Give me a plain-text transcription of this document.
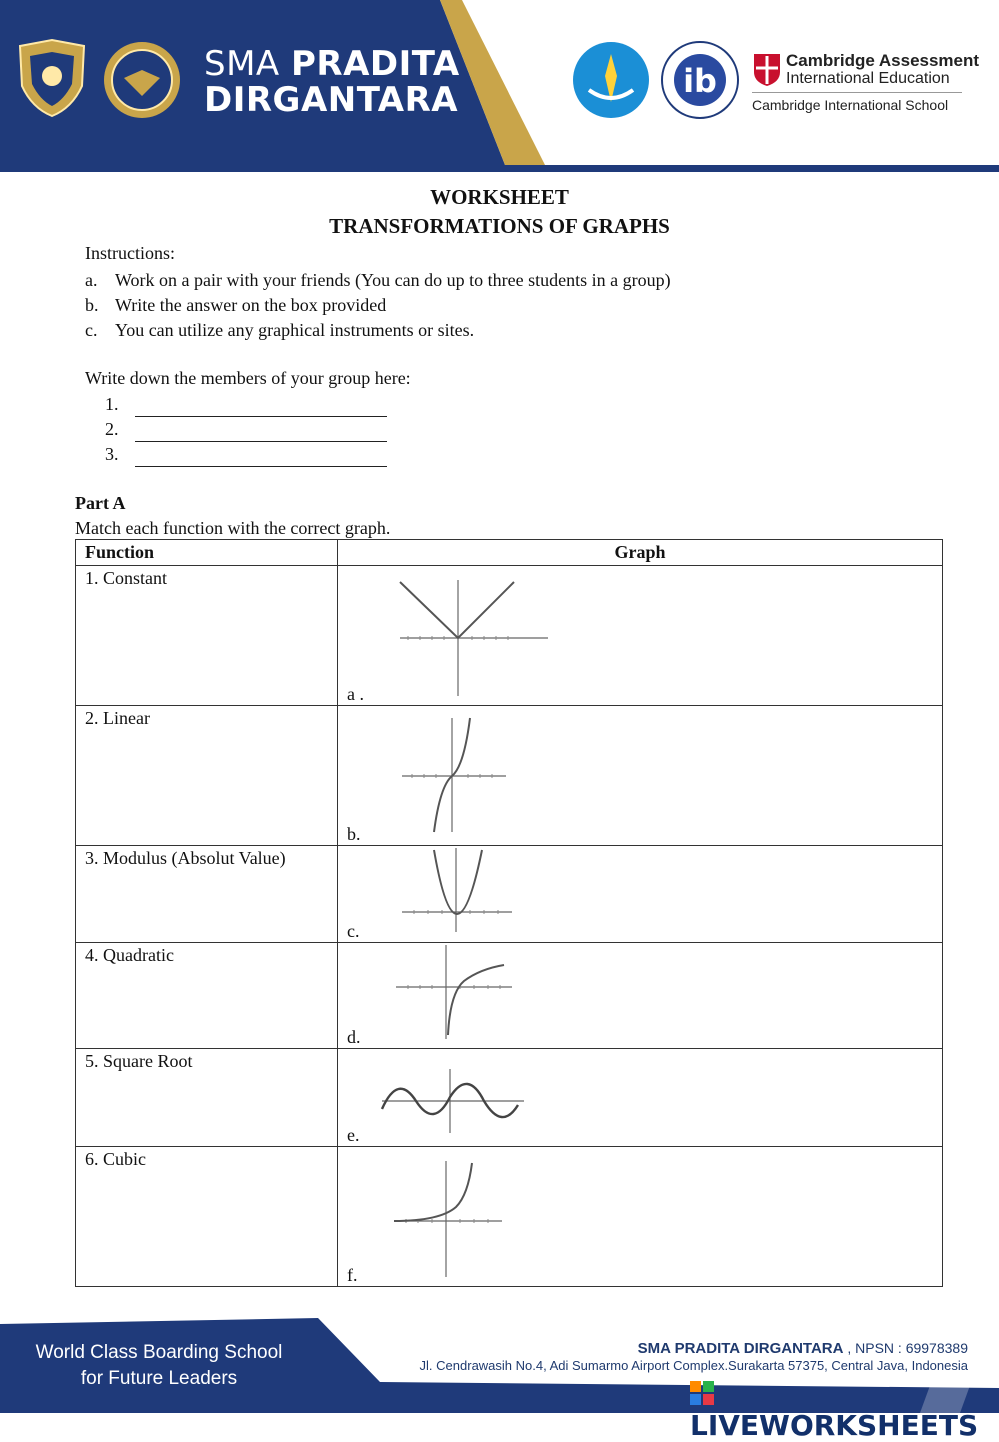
SMA PRADITA
DIRGANTARA	ib
Cambridge Assessment
International Education
Cambridge International School
WORKSHEET
TRANSFORMATIONS OF GRAPHS
Instructions:
a. Work on a pair with your friends (You can do up to three students in a group)
b. Write the answer on the box provided
c. You can utilize any graphical instruments or sites.
Write down the members of your group here:
1.
2.
3.
Part A
Match each function with the correct graph.
Function	Graph
1. Constant	a .

2. Linear	b.

3. Modulus (Absolut Value)	c.

4. Quadratic	d.

5. Square Root	e.

6. Cubic	f.
World Class Boarding School
for Future Leaders
SMA PRADITA DIRGANTARA , NPSN : 69978389
Jl. Cendrawasih No.4, Adi Sumarmo Airport Complex.Surakarta 57375, Central Java, Indonesia
LIVEWORKSHEETS
